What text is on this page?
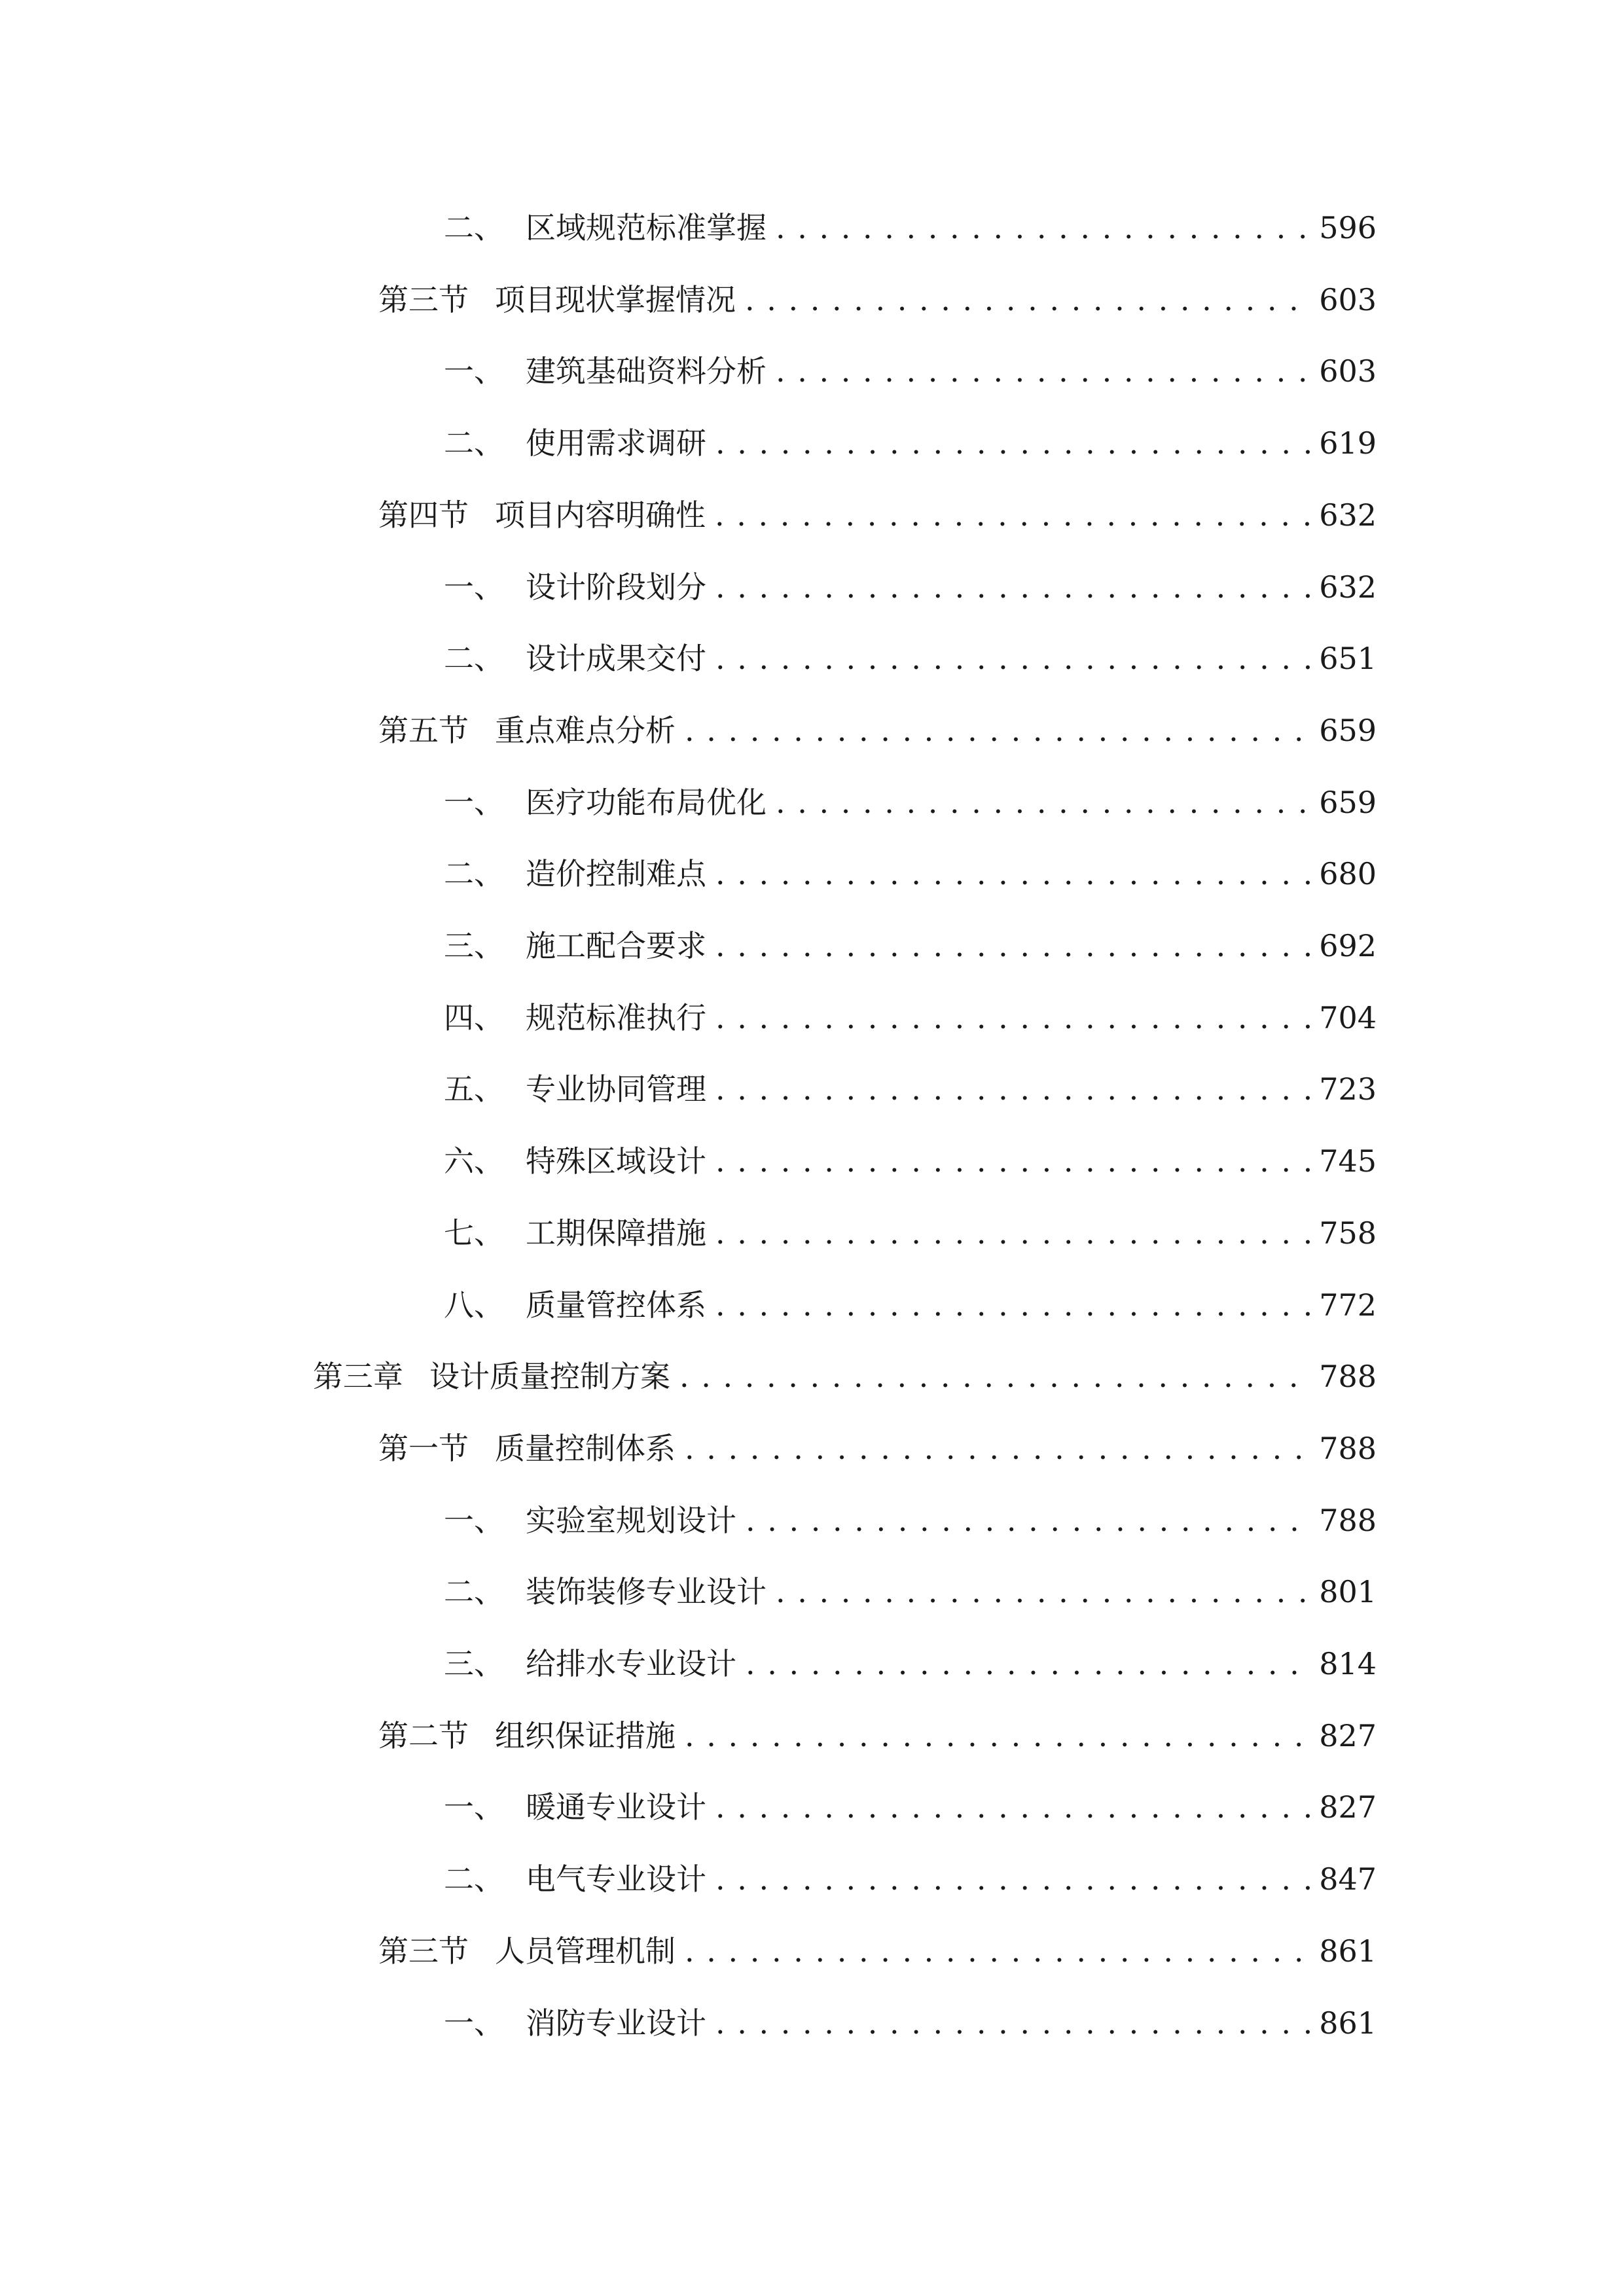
二、 区域规范标准掌握 . . .	596
第三节 项目现状掌握情况 . . .	603
一、 建筑基础资料分析 . . .	603
二、 使用需求调研 . . .	619
第四节 项目内容明确性 . . .	632
一、 设计阶段划分 . . .	632
二、 设计成果交付 . . .	651
第五节 重点难点分析 . . .	659
一、 医疗功能布局优化 . . .	659
二、 造价控制难点 . . .	680
三、 施工配合要求 . . .	692
四、 规范标准执行 . . .	704
五、 专业协同管理 . . .	723
六、 特殊区域设计 . . .	745
七、 工期保障措施 . . .	758
八、 质量管控体系 . . .	772
第三章 设计质量控制方案 . . .	788
第一节 质量控制体系 . . .	788
一、 实验室规划设计 . . .	788
二、 装饰装修专业设计 . . .	801
三、 给排水专业设计 . . .	814
第二节 组织保证措施 . . .	827
一、 暖通专业设计 . . .	827
二、 电气专业设计 . . .	847
第三节 人员管理机制 . . .	861
一、 消防专业设计 . . .	861
